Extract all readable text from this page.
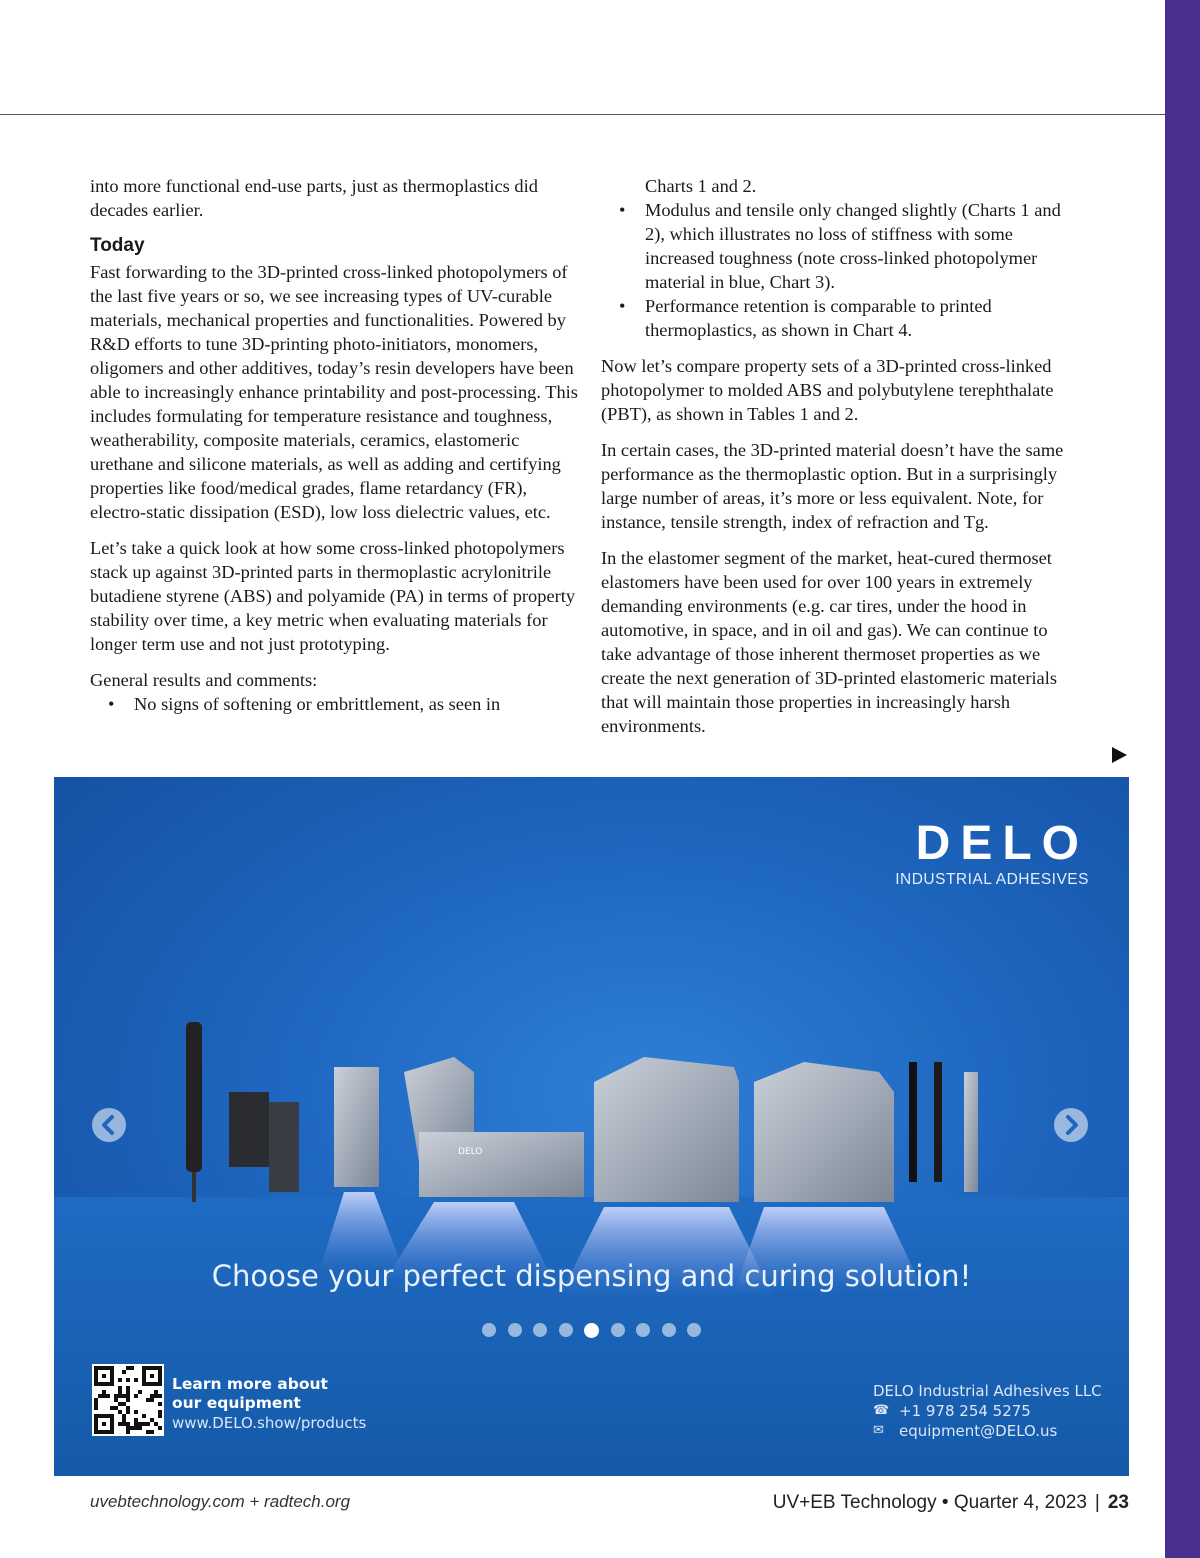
into more functional end-use parts, just as thermoplastics did decades earlier.

Today

Fast forwarding to the 3D-printed cross-linked photopolymers of the last five years or so, we see increasing types of UV-curable materials, mechanical properties and functionalities. Powered by R&D efforts to tune 3D-printing photo-initiators, monomers, oligomers and other additives, today’s resin developers have been able to increasingly enhance printability and post-processing. This includes formulating for temperature resistance and toughness, weatherability, composite materials, ceramics, elastomeric urethane and silicone materials, as well as adding and certifying properties like food/medical grades, flame retardancy (FR), electro-static dissipation (ESD), low loss dielectric values, etc.

Let’s take a quick look at how some cross-linked photopolymers stack up against 3D-printed parts in thermoplastic acrylonitrile butadiene styrene (ABS) and polyamide (PA) in terms of property stability over time, a key metric when evaluating materials for longer term use and not just prototyping.

General results and comments:

• No signs of softening or embrittlement, as seen in
Charts 1 and 2.
• Modulus and tensile only changed slightly (Charts 1 and 2), which illustrates no loss of stiffness with some increased toughness (note cross-linked photopolymer material in blue, Chart 3).
• Performance retention is comparable to printed thermoplastics, as shown in Chart 4.

Now let’s compare property sets of a 3D-printed cross-linked photopolymer to molded ABS and polybutylene terephthalate (PBT), as shown in Tables 1 and 2.

In certain cases, the 3D-printed material doesn’t have the same performance as the thermoplastic option. But in a surprisingly large number of areas, it’s more or less equivalent. Note, for instance, tensile strength, index of refraction and Tg.

In the elastomer segment of the market, heat-cured thermoset elastomers have been used for over 100 years in extremely demanding environments (e.g. car tires, under the hood in automotive, in space, and in oil and gas). We can continue to take advantage of those inherent thermoset properties as we create the next generation of 3D-printed elastomeric materials that will maintain those properties in increasingly harsh environments.

DELO
INDUSTRIAL ADHESIVES
DELO
Choose your perfect dispensing and curing solution!
Learn more about
our equipment
www.DELO.show/products
DELO Industrial Adhesives LLC
☎ +1 978 254 5275
✉	equipment@DELO.us
uvebtechnology.com + radtech.org	UV+EB Technology • Quarter 4, 2023 | 23
